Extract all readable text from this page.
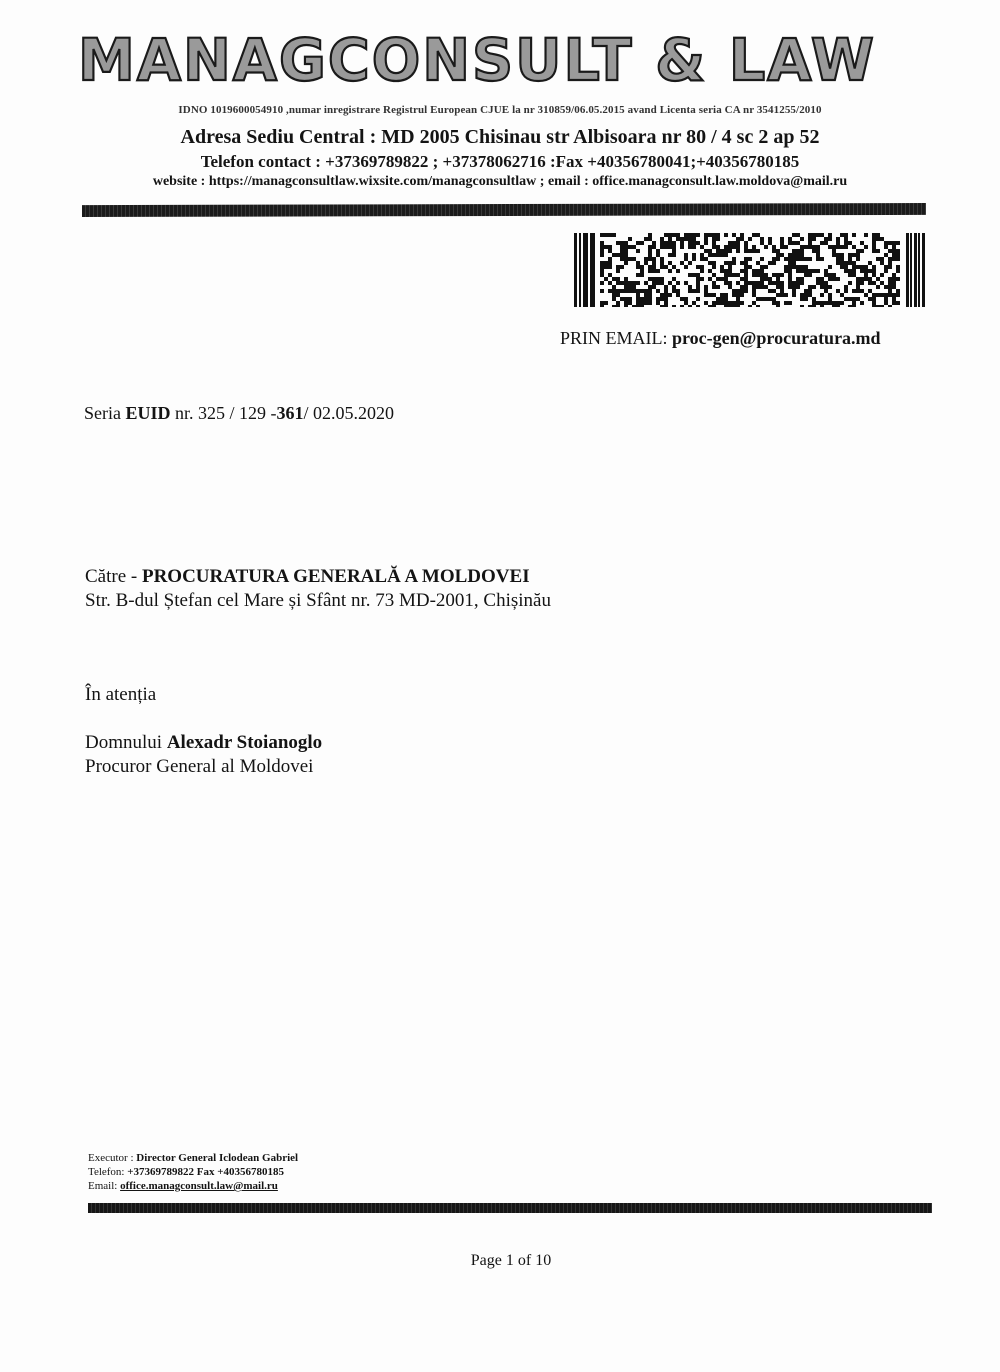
MANAGCONSULT & LAW
IDNO 1019600054910 ,numar inregistrare Registrul European CJUE la nr 310859/06.05.2015 avand Licenta seria CA nr 3541255/2010
Adresa Sediu Central : MD 2005 Chisinau str Albisoara nr 80 / 4 sc 2 ap 52
Telefon contact : +37369789822 ; +37378062716 :Fax +40356780041;+40356780185
website : https://managconsultlaw.wixsite.com/managconsultlaw ; email : office.managconsult.law.moldova@mail.ru
PRIN EMAIL: proc-gen@procuratura.md
Seria EUID nr. 325 / 129 -361/ 02.05.2020
Către - PROCURATURA GENERALĂ A MOLDOVEI
Str. B-dul Ștefan cel Mare și Sfânt nr. 73 MD-2001, Chișinău
În atenția
Domnului Alexadr Stoianoglo
Procuror General al Moldovei
Executor : Director General Iclodean Gabriel
Telefon: +37369789822 Fax +40356780185
Email: office.managconsult.law@mail.ru
Page 1 of 10
